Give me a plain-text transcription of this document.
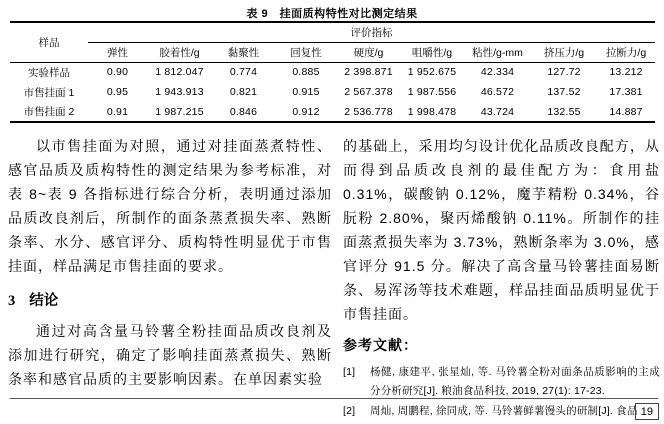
表 9　挂面质构特性对比测定结果
样品	评价指标								
	弹性	胶着性/g	黏聚性	回复性	硬度/g	咀嚼性/g	粘性/g-mm	挤压力/g	拉断力/g
实验样品	0.90	1 812.047	0.774	0.885	2 398.871	1 952.675	42.334	127.72	13.212
市售挂面 1	0.95	1 943.913	0.821	0.915	2 567.378	1 987.556	46.572	137.52	17.381
市售挂面 2	0.91	1 987.215	0.846	0.912	2 536.778	1 998.478	43.724	132.55	14.887

以市售挂面为对照，通过对挂面蒸煮特性、感官品质及质构特性的测定结果为参考标准，对表 8~表 9 各指标进行综合分析，表明通过添加品质改良剂后，所制作的面条蒸煮损失率、熟断条率、水分、感官评分、质构特性明显优于市售挂面，样品满足市售挂面的要求。

3 结论

通过对高含量马铃薯全粉挂面品质改良剂及添加进行研究，确定了影响挂面蒸煮损失、熟断条率和感官品质的主要影响因素。在单因素实验

的基础上，采用均匀设计优化品质改良配方，从而得到品质改良剂的最佳配方为：食用盐 0.31%，碳酸钠 0.12%，魔芋精粉 0.34%，谷朊粉 2.80%，聚丙烯酸钠 0.11%。所制作的挂面蒸煮损失率为 3.73%，熟断条率为 3.0%，感官评分 91.5 分。解决了高含量马铃薯挂面易断条、易浑汤等技术难题，样品挂面品质明显优于市售挂面。

参考文献：

[1]	杨健, 康建平, 张星灿, 等. 马铃薯全粉对面条品质影响的主成分分析研究[J]. 粮油食品科技, 2019, 27(1): 17-23.
[2]	周灿, 周鹏程, 徐同成, 等. 马铃薯鲜薯馒头的研制[J]. 食品 19
